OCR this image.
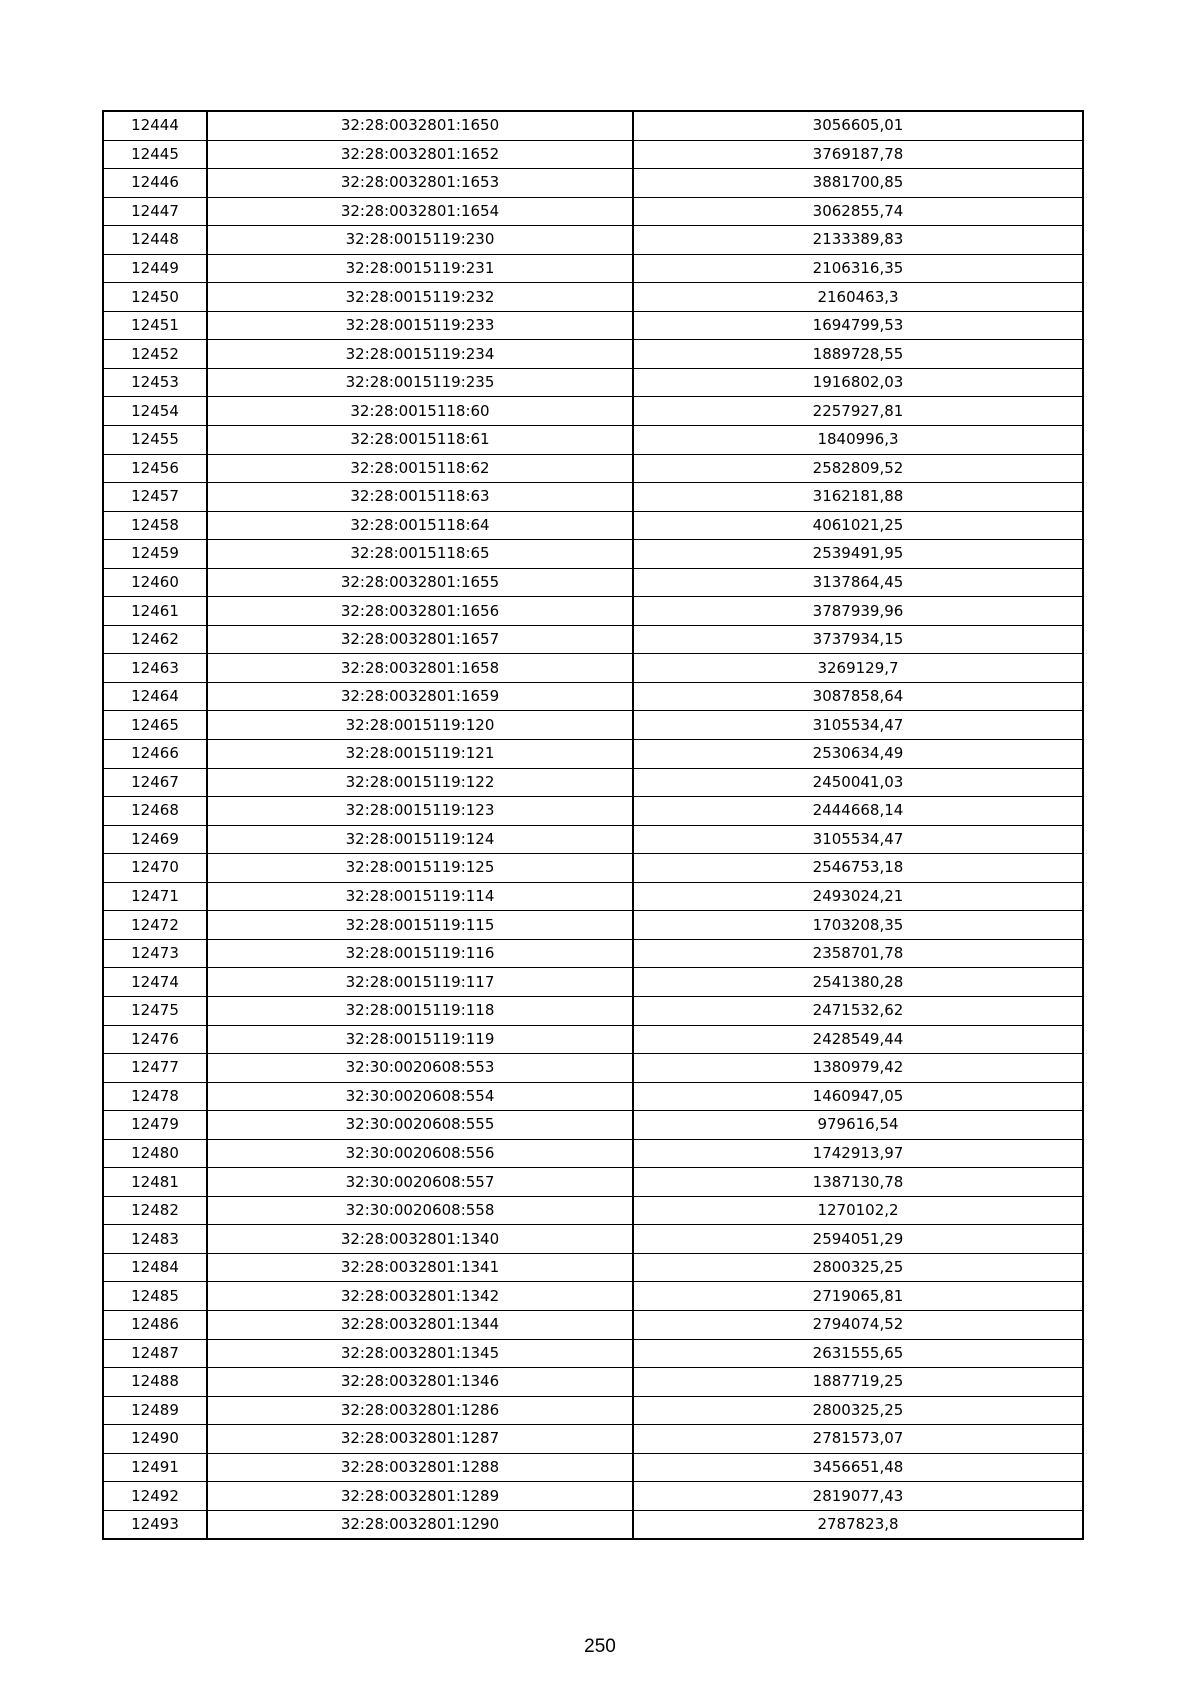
12444	32:28:0032801:1650	3056605,01
12445	32:28:0032801:1652	3769187,78
12446	32:28:0032801:1653	3881700,85
12447	32:28:0032801:1654	3062855,74
12448	32:28:0015119:230	2133389,83
12449	32:28:0015119:231	2106316,35
12450	32:28:0015119:232	2160463,3
12451	32:28:0015119:233	1694799,53
12452	32:28:0015119:234	1889728,55
12453	32:28:0015119:235	1916802,03
12454	32:28:0015118:60	2257927,81
12455	32:28:0015118:61	1840996,3
12456	32:28:0015118:62	2582809,52
12457	32:28:0015118:63	3162181,88
12458	32:28:0015118:64	4061021,25
12459	32:28:0015118:65	2539491,95
12460	32:28:0032801:1655	3137864,45
12461	32:28:0032801:1656	3787939,96
12462	32:28:0032801:1657	3737934,15
12463	32:28:0032801:1658	3269129,7
12464	32:28:0032801:1659	3087858,64
12465	32:28:0015119:120	3105534,47
12466	32:28:0015119:121	2530634,49
12467	32:28:0015119:122	2450041,03
12468	32:28:0015119:123	2444668,14
12469	32:28:0015119:124	3105534,47
12470	32:28:0015119:125	2546753,18
12471	32:28:0015119:114	2493024,21
12472	32:28:0015119:115	1703208,35
12473	32:28:0015119:116	2358701,78
12474	32:28:0015119:117	2541380,28
12475	32:28:0015119:118	2471532,62
12476	32:28:0015119:119	2428549,44
12477	32:30:0020608:553	1380979,42
12478	32:30:0020608:554	1460947,05
12479	32:30:0020608:555	979616,54
12480	32:30:0020608:556	1742913,97
12481	32:30:0020608:557	1387130,78
12482	32:30:0020608:558	1270102,2
12483	32:28:0032801:1340	2594051,29
12484	32:28:0032801:1341	2800325,25
12485	32:28:0032801:1342	2719065,81
12486	32:28:0032801:1344	2794074,52
12487	32:28:0032801:1345	2631555,65
12488	32:28:0032801:1346	1887719,25
12489	32:28:0032801:1286	2800325,25
12490	32:28:0032801:1287	2781573,07
12491	32:28:0032801:1288	3456651,48
12492	32:28:0032801:1289	2819077,43
12493	32:28:0032801:1290	2787823,8
250
